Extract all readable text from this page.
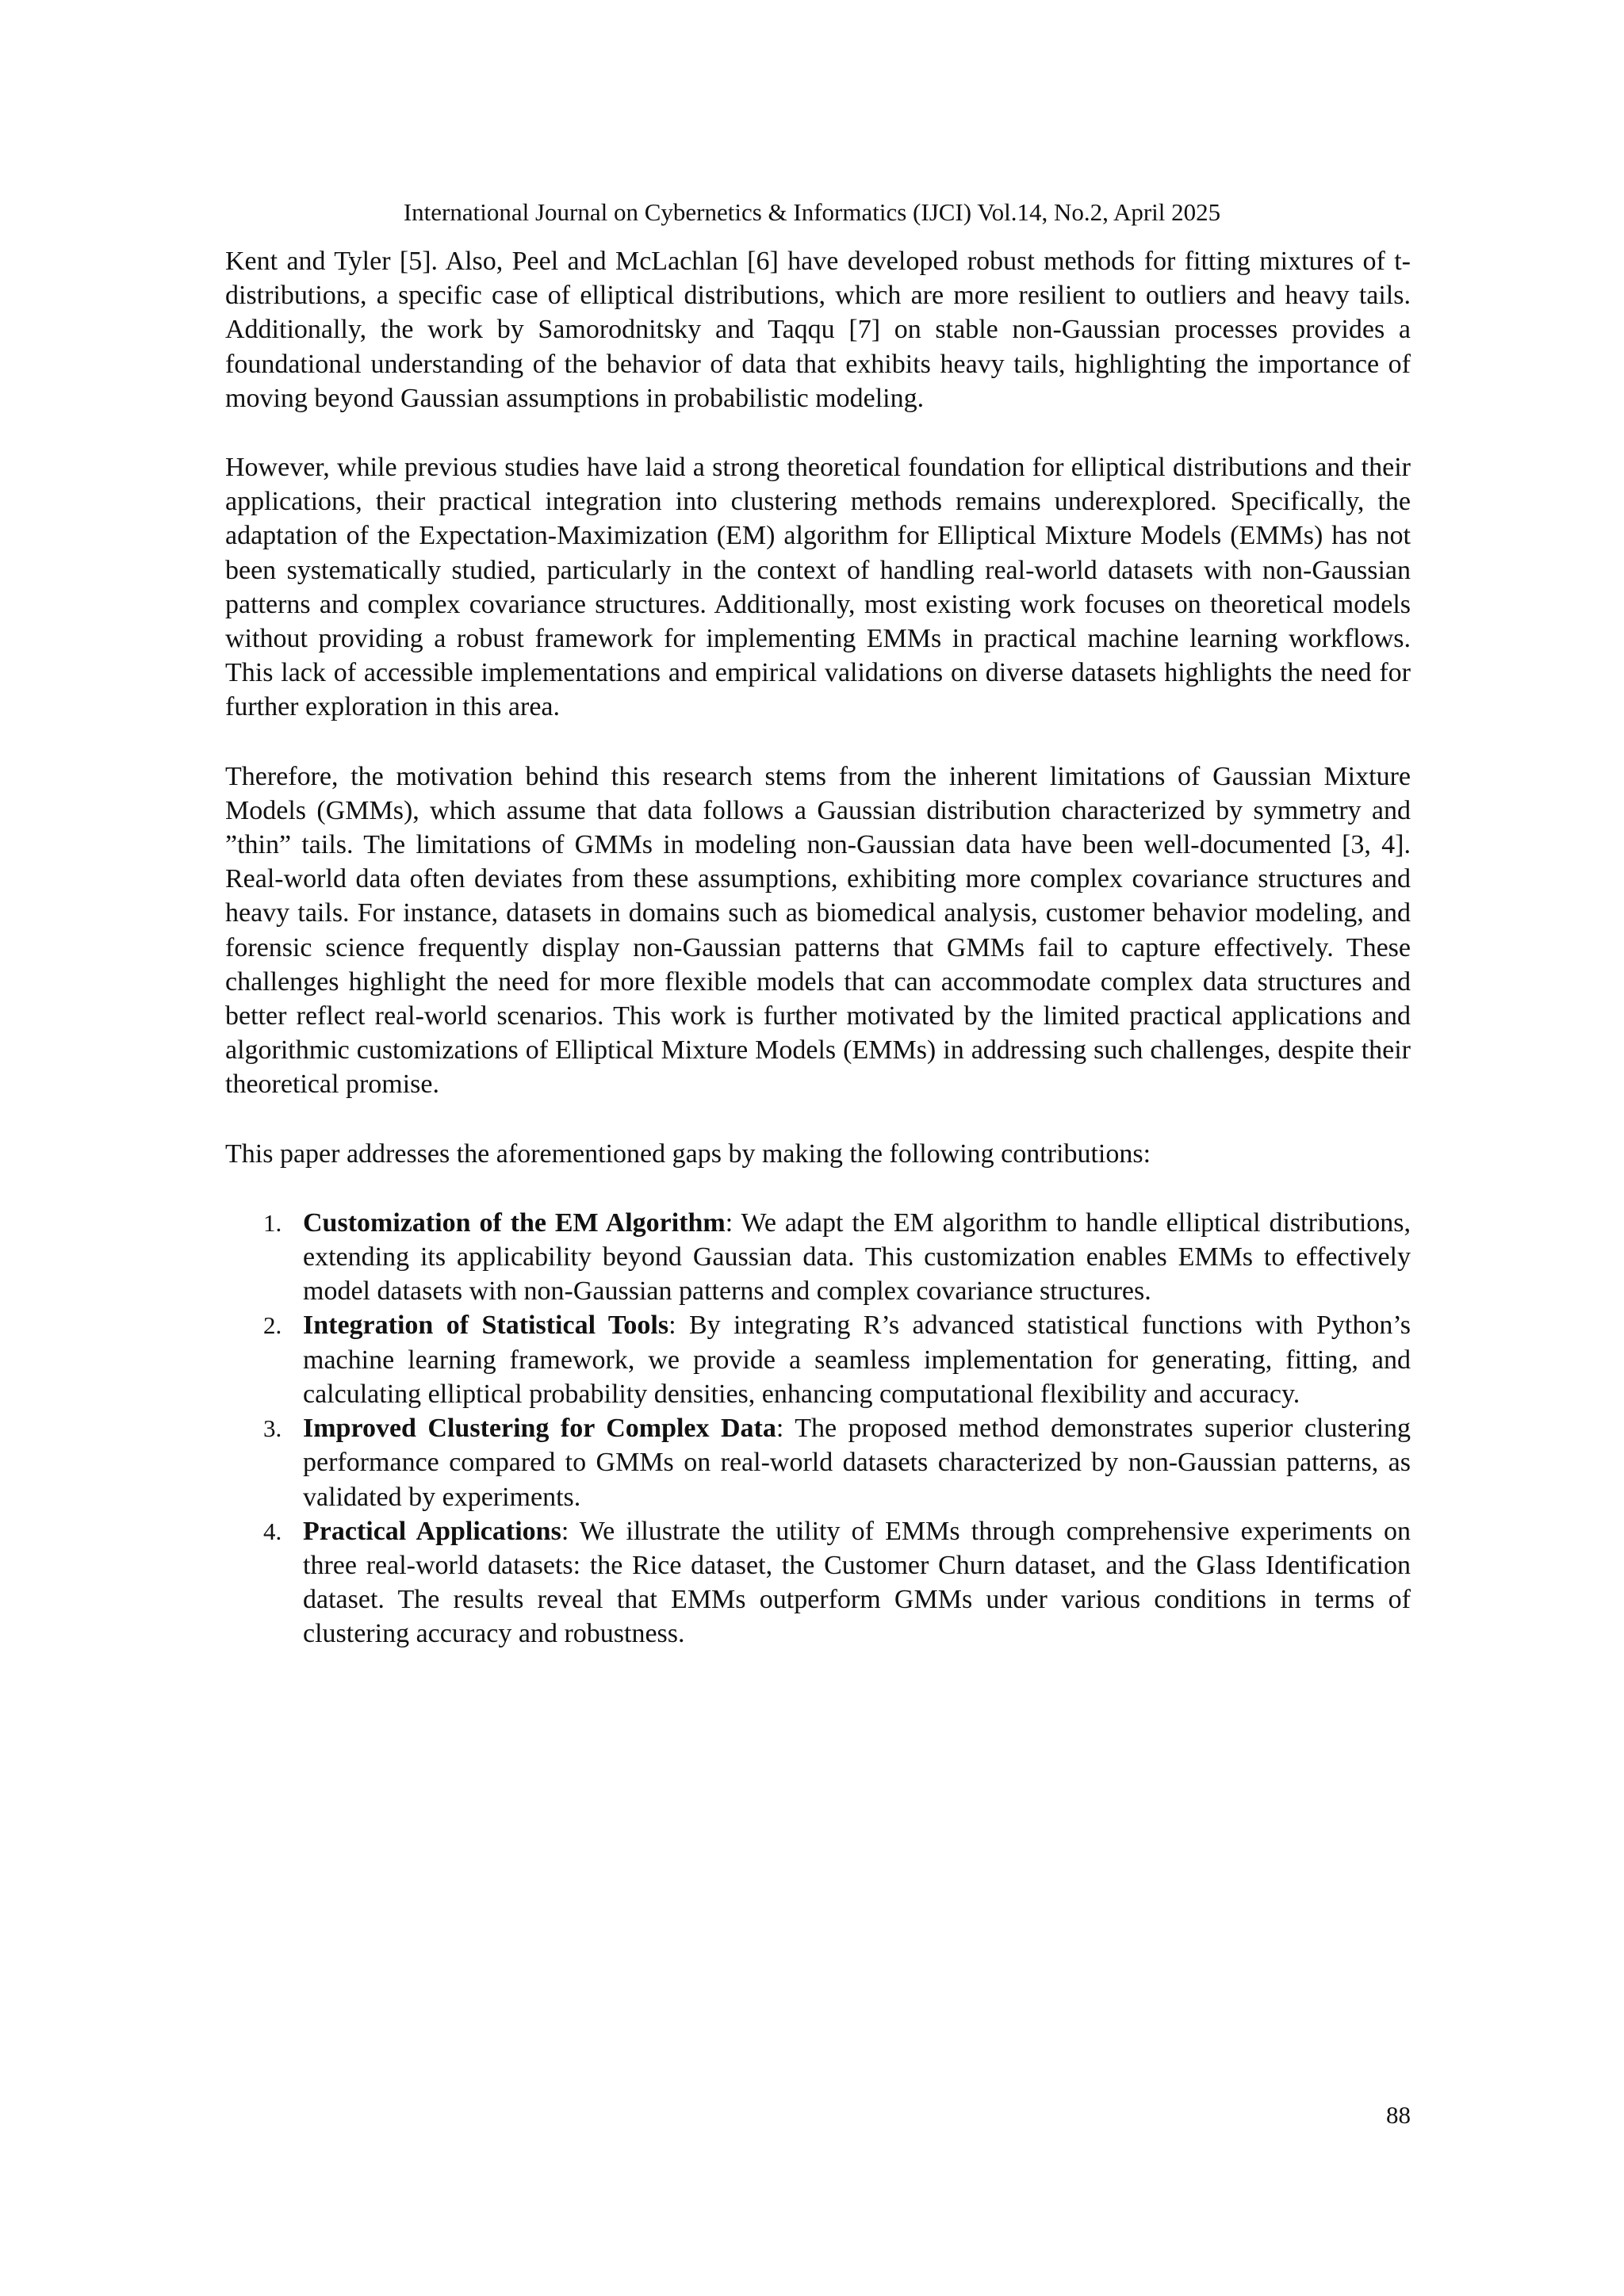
International Journal on Cybernetics & Informatics (IJCI) Vol.14, No.2, April 2025

Kent and Tyler [5]. Also, Peel and McLachlan [6] have developed robust methods for fitting mixtures of t-distributions, a specific case of elliptical distributions, which are more resilient to outliers and heavy tails. Additionally, the work by Samorodnitsky and Taqqu [7] on stable non-Gaussian processes provides a foundational understanding of the behavior of data that exhibits heavy tails, highlighting the importance of moving beyond Gaussian assumptions in probabilistic modeling.

However, while previous studies have laid a strong theoretical foundation for elliptical distributions and their applications, their practical integration into clustering methods remains underexplored. Specifically, the adaptation of the Expectation-Maximization (EM) algorithm for Elliptical Mixture Models (EMMs) has not been systematically studied, particularly in the context of handling real-world datasets with non-Gaussian patterns and complex covariance structures. Additionally, most existing work focuses on theoretical models without providing a robust framework for implementing EMMs in practical machine learning workflows. This lack of accessible implementations and empirical validations on diverse datasets highlights the need for further exploration in this area.

Therefore, the motivation behind this research stems from the inherent limitations of Gaussian Mixture Models (GMMs), which assume that data follows a Gaussian distribution characterized by symmetry and ”thin” tails. The limitations of GMMs in modeling non-Gaussian data have been well-documented [3, 4]. Real-world data often deviates from these assumptions, exhibiting more complex covariance structures and heavy tails. For instance, datasets in domains such as biomedical analysis, customer behavior modeling, and forensic science frequently display non-Gaussian patterns that GMMs fail to capture effectively. These challenges highlight the need for more flexible models that can accommodate complex data structures and better reflect real-world scenarios. This work is further motivated by the limited practical applications and algorithmic customizations of Elliptical Mixture Models (EMMs) in addressing such challenges, despite their theoretical promise.

This paper addresses the aforementioned gaps by making the following contributions:

1. Customization of the EM Algorithm: We adapt the EM algorithm to handle elliptical distributions, extending its applicability beyond Gaussian data. This customization enables EMMs to effectively model datasets with non-Gaussian patterns and complex covariance structures.
2. Integration of Statistical Tools: By integrating R’s advanced statistical functions with Python’s machine learning framework, we provide a seamless implementation for generating, fitting, and calculating elliptical probability densities, enhancing computational flexibility and accuracy.
3. Improved Clustering for Complex Data: The proposed method demonstrates superior clustering performance compared to GMMs on real-world datasets characterized by non-Gaussian patterns, as validated by experiments.
4. Practical Applications: We illustrate the utility of EMMs through comprehensive experiments on three real-world datasets: the Rice dataset, the Customer Churn dataset, and the Glass Identification dataset. The results reveal that EMMs outperform GMMs under various conditions in terms of clustering accuracy and robustness.
88
